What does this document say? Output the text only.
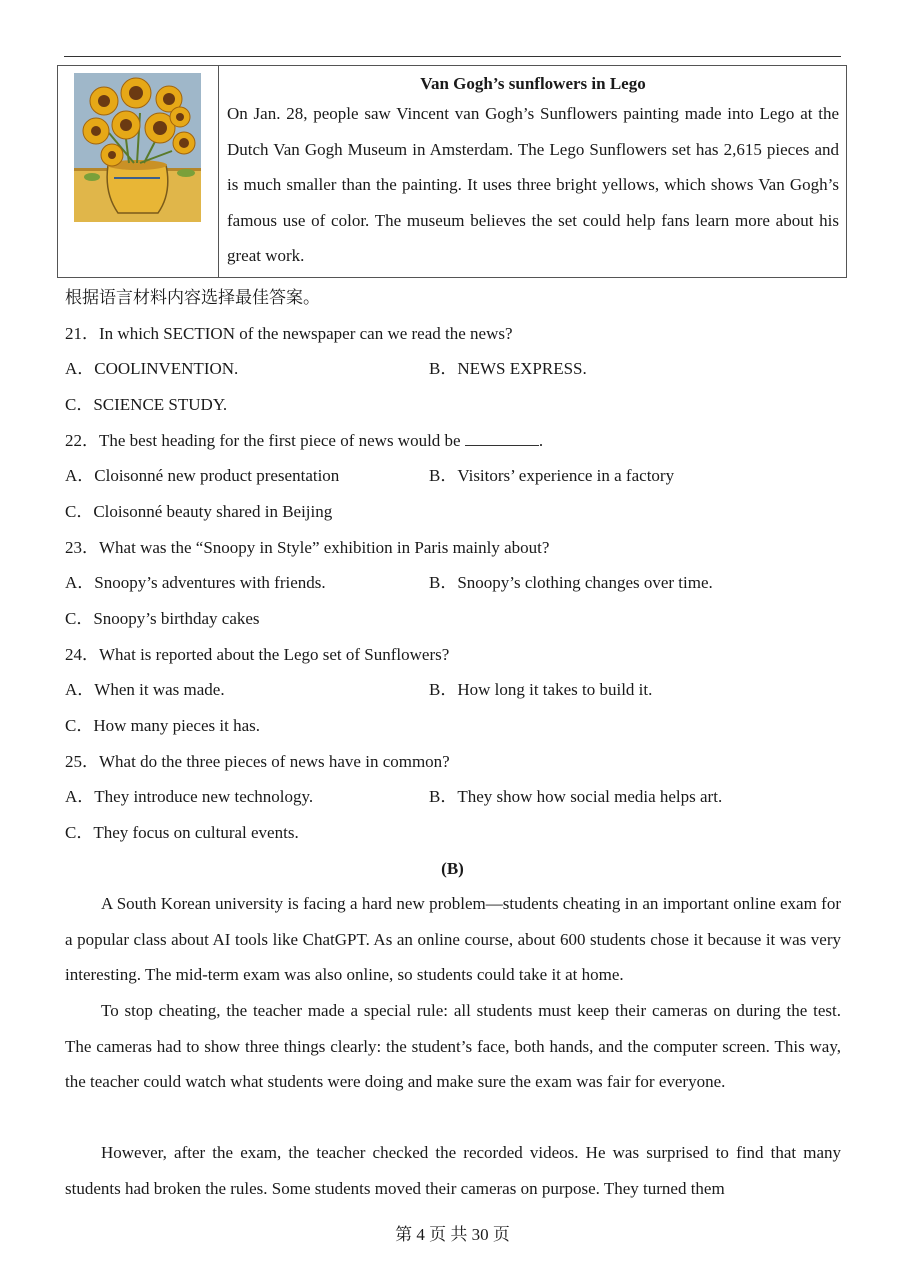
Van Gogh’s sunflowers in Lego

On Jan. 28, people saw Vincent van Gogh’s Sunflowers painting made into Lego at the Dutch Van Gogh Museum in Amsterdam. The Lego Sunflowers set has 2,615 pieces and is much smaller than the painting. It uses three bright yellows, which shows Van Gogh’s famous use of color. The museum believes the set could help fans learn more about his great work.

根据语言材料内容选择最佳答案。
21．In which SECTION of the newspaper can we read the news?
A．COOLINVENTION.	B．NEWS EXPRESS.
C．SCIENCE STUDY.
22．The best heading for the first piece of news would be	.
A．Cloisonné new product presentation	B．Visitors’ experience in a factory
C．Cloisonné beauty shared in Beijing
23．What was the “Snoopy in Style” exhibition in Paris mainly about?
A．Snoopy’s adventures with friends.	B．Snoopy’s clothing changes over time.
C．Snoopy’s birthday cakes
24．What is reported about the Lego set of Sunflowers?
A．When it was made.	B．How long it takes to build it.
C．How many pieces it has.
25．What do the three pieces of news have in common?
A．They introduce new technology.	B．They show how social media helps art.
C．They focus on cultural events.
(B)

A South Korean university is facing a hard new problem—students cheating in an important online exam for a popular class about AI tools like ChatGPT. As an online course, about 600 students chose it because it was very interesting. The mid-term exam was also online, so students could take it at home.

To stop cheating, the teacher made a special rule: all students must keep their cameras on during the test. The cameras had to show three things clearly: the student’s face, both hands, and the computer screen. This way, the teacher could watch what students were doing and make sure the exam was fair for everyone.

However, after the exam, the teacher checked the recorded videos. He was surprised to find that many students had broken the rules. Some students moved their cameras on purpose. They turned them

第 4 页 共 30 页
